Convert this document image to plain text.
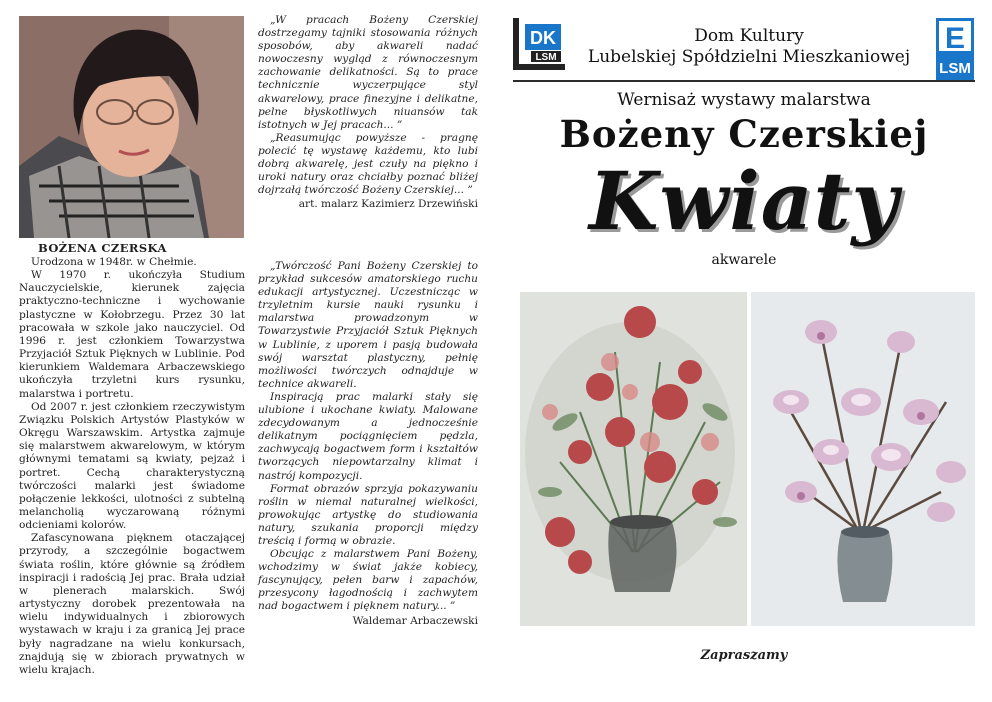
BOŻENA CZERSKA

Urodzona w 1948r. w Chełmie.

W 1970 r. ukończyła Studium Nauczycielskie, kierunek zajęcia praktyczno-techniczne i wychowanie plastyczne w Kołobrzegu. Przez 30 lat pracowała w szkole jako nauczyciel. Od 1996 r. jest członkiem Towarzystwa Przyjaciół Sztuk Pięknych w Lublinie. Pod kierunkiem Waldemara Arbaczewskiego ukończyła trzyletni kurs rysunku, malarstwa i portretu.

Od 2007 r. jest członkiem rzeczywistym Związku Polskich Artystów Plastyków w Okręgu Warszawskim. Artystka zajmuje się malarstwem akwarelowym, w którym głównymi tematami są kwiaty, pejzaż i portret. Cechą charakterystyczną twórczości malarki jest świadome połączenie lekkości, ulotności z subtelną melancholią wyczarowaną różnymi odcieniami kolorów.

Zafascynowana pięknem otaczającej przyrody, a szczególnie bogactwem świata roślin, które głównie są źródłem inspiracji i radością Jej prac. Brała udział w plenerach malarskich. Swój artystyczny dorobek prezentowała na wielu indywidualnych i zbiorowych wystawach w kraju i za granicą Jej prace były nagradzane na wielu konkursach, znajdują się w zbiorach prywatnych w wielu krajach.

„W pracach Bożeny Czerskiej dostrzegamy tajniki stosowania różnych sposobów, aby akwareli nadać nowoczesny wygląd z równoczesnym zachowanie delikatności. Są to prace technicznie wyczerpujące styl akwarelowy, prace finezyjne i delikatne, pelne błyskotliwych niuansów tak istotnych w Jej pracach... ”

„Reasumując powyższe - pragnę polecić tę wystawę każdemu, kto lubi dobrą akwarelę, jest czuły na piękno i uroki natury oraz chciałby poznać bliżej dojrzałą twórczość Bożeny Czerskiej... ”

art. malarz Kazimierz Drzewiński

„Twórczość Pani Bożeny Czerskiej to przykład sukcesów amatorskiego ruchu edukacji artystycznej. Uczestnicząc w trzyletnim kursie nauki rysunku i malarstwa prowadzonym w Towarzystwie Przyjaciół Sztuk Pięknych w Lublinie, z uporem i pasją budowała swój warsztat plastyczny, pełnię możliwości twórczych odnajduje w technice akwareli.

Inspiracją prac malarki stały się ulubione i ukochane kwiaty. Malowane zdecydowanym a jednocześnie delikatnym pociągnięciem pędzla, zachwycają bogactwem form i kształtów tworzących niepowtarzalny klimat i nastrój kompozycji.

Format obrazów sprzyja pokazywaniu roślin w niemal naturalnej wielkości, prowokując artystkę do studiowania natury, szukania proporcji między treścią i formą w obrazie.

Obcując z malarstwem Pani Bożeny, wchodzimy w świat jakże kobiecy, fascynujący, pełen barw i zapachów, przesycony łagodnością i zachwytem nad bogactwem i pięknem natury... ”

Waldemar Arbaczewski
DK
LSM
Dom Kultury
Lubelskiej Spółdzielni Mieszkaniowej
E
LSM
Wernisaż wystawy malarstwa
Bożeny Czerskiej
Kwiaty
akwarele
Zapraszamy
